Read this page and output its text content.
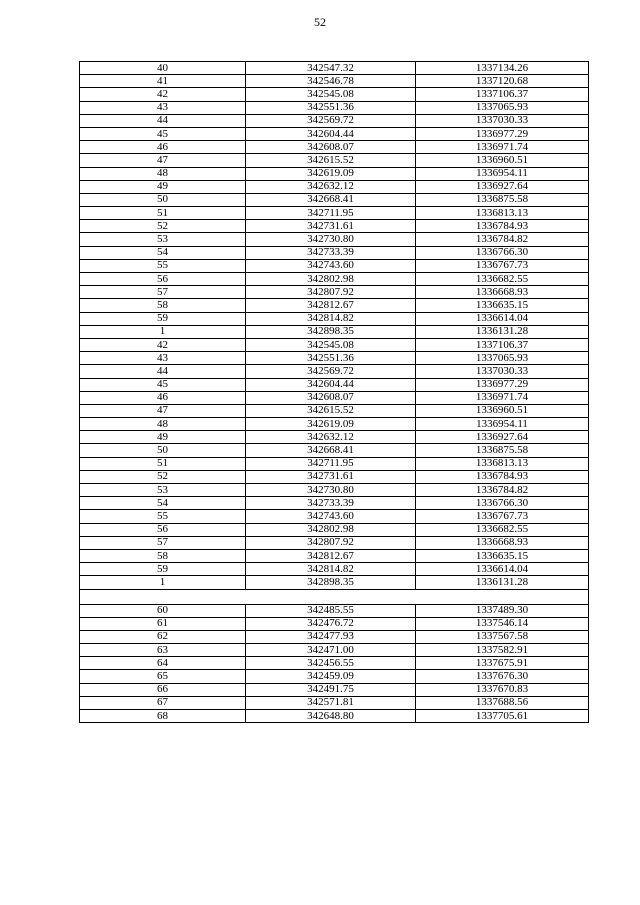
52
40	342547.32	1337134.26
41	342546.78	1337120.68
42	342545.08	1337106.37
43	342551.36	1337065.93
44	342569.72	1337030.33
45	342604.44	1336977.29
46	342608.07	1336971.74
47	342615.52	1336960.51
48	342619.09	1336954.11
49	342632.12	1336927.64
50	342668.41	1336875.58
51	342711.95	1336813.13
52	342731.61	1336784.93
53	342730.80	1336784.82
54	342733.39	1336766.30
55	342743.60	1336767.73
56	342802.98	1336682.55
57	342807.92	1336668.93
58	342812.67	1336635.15
59	342814.82	1336614.04
1	342898.35	1336131.28
42	342545.08	1337106.37
43	342551.36	1337065.93
44	342569.72	1337030.33
45	342604.44	1336977.29
46	342608.07	1336971.74
47	342615.52	1336960.51
48	342619.09	1336954.11
49	342632.12	1336927.64
50	342668.41	1336875.58
51	342711.95	1336813.13
52	342731.61	1336784.93
53	342730.80	1336784.82
54	342733.39	1336766.30
55	342743.60	1336767.73
56	342802.98	1336682.55
57	342807.92	1336668.93
58	342812.67	1336635.15
59	342814.82	1336614.04
1	342898.35	1336131.28

60	342485.55	1337489.30
61	342476.72	1337546.14
62	342477.93	1337567.58
63	342471.00	1337582.91
64	342456.55	1337675.91
65	342459.09	1337676.30
66	342491.75	1337670.83
67	342571.81	1337688.56
68	342648.80	1337705.61
